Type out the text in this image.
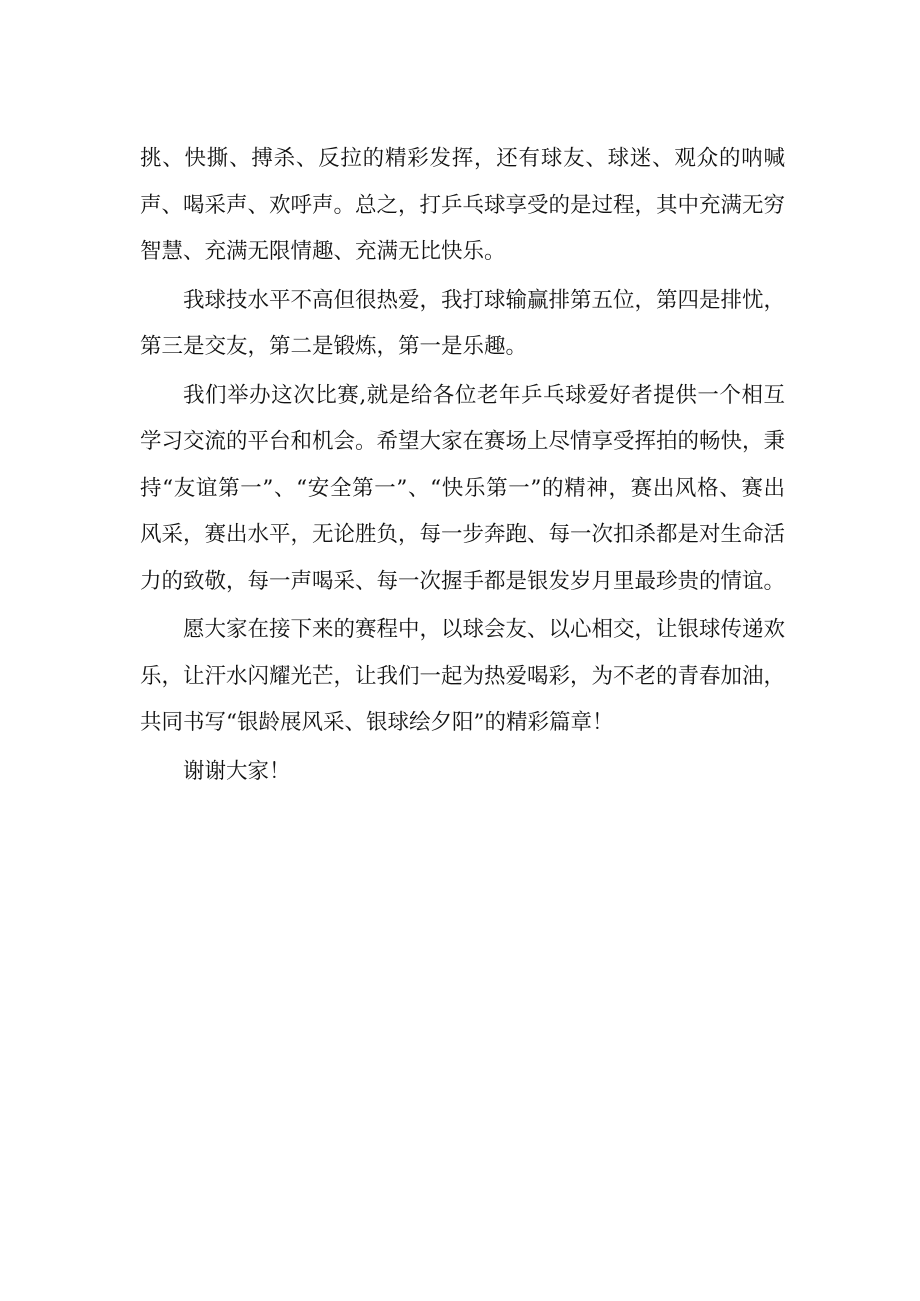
挑、快撕、搏杀、反拉的精彩发挥，还有球友、球迷、观众的呐喊声、喝采声、欢呼声。总之，打乒乓球享受的是过程，其中充满无穷智慧、充满无限情趣、充满无比快乐。

我球技水平不高但很热爱，我打球输赢排第五位，第四是排忧，第三是交友，第二是锻炼，第一是乐趣。

我们举办这次比赛,就是给各位老年乒乓球爱好者提供一个相互学习交流的平台和机会。希望大家在赛场上尽情享受挥拍的畅快，秉持“友谊第一”、“安全第一”、“快乐第一”的精神，赛出风格、赛出风采，赛出水平，无论胜负，每一步奔跑、每一次扣杀都是对生命活力的致敬，每一声喝采、每一次握手都是银发岁月里最珍贵的情谊。

愿大家在接下来的赛程中，以球会友、以心相交，让银球传递欢乐，让汗水闪耀光芒，让我们一起为热爱喝彩，为不老的青春加油，共同书写“银龄展风采、银球绘夕阳”的精彩篇章！

谢谢大家！
